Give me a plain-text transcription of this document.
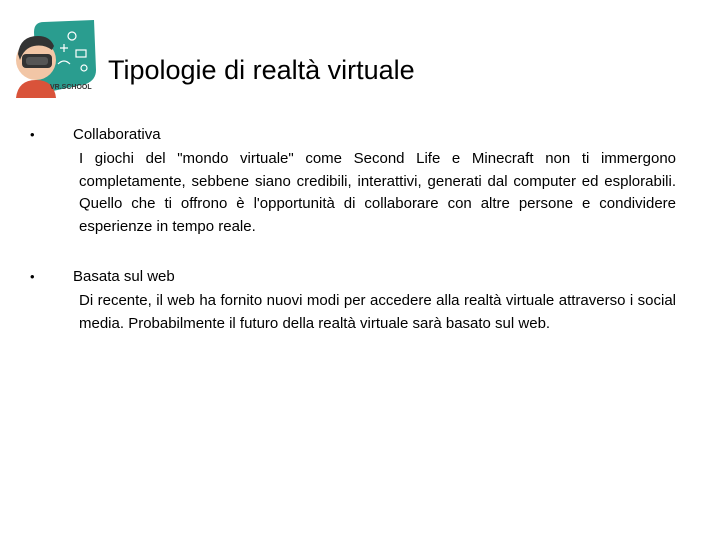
VR.SCHOOL
Tipologie di realtà virtuale
•	Collaborativa
I giochi del "mondo virtuale" come Second Life e Minecraft non ti immergono completamente, sebbene siano credibili, interattivi, generati dal computer ed esplorabili. Quello che ti offrono è l'opportunità di collaborare con altre persone e condividere esperienze in tempo reale.
•	Basata sul web
Di recente, il web ha fornito nuovi modi per accedere alla realtà virtuale attraverso i social media. Probabilmente il futuro della realtà virtuale sarà basato sul web.
